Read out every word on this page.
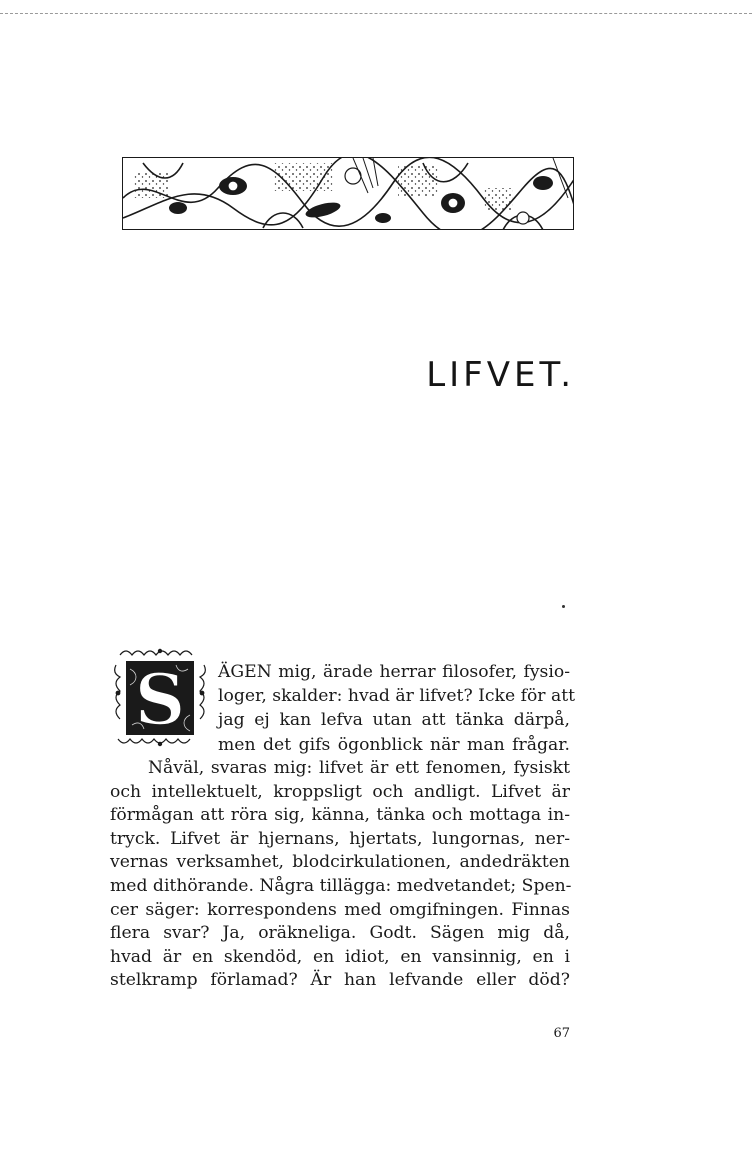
LIFVET.
S ÄGEN mig, ärade herrar filosofer, fysio-
loger, skalder: hvad är lifvet? Icke för att
jag ej kan lefva utan att tänka därpå,
men det gifs ögonblick när man frågar.
Nåväl, svaras mig: lifvet är ett fenomen, fysiskt
och intellektuelt, kroppsligt och andligt. Lifvet är
förmågan att röra sig, känna, tänka och mottaga in-
tryck. Lifvet är hjernans, hjertats, lungornas, ner-
vernas verksamhet, blodcirkulationen, andedräkten
med dithörande. Några tillägga: medvetandet; Spen-
cer säger: korrespondens med omgifningen. Finnas
flera svar? Ja, oräkneliga. Godt. Sägen mig då,
hvad är en skendöd, en idiot, en vansinnig, en i
stelkramp förlamad? Är han lefvande eller död?
67
